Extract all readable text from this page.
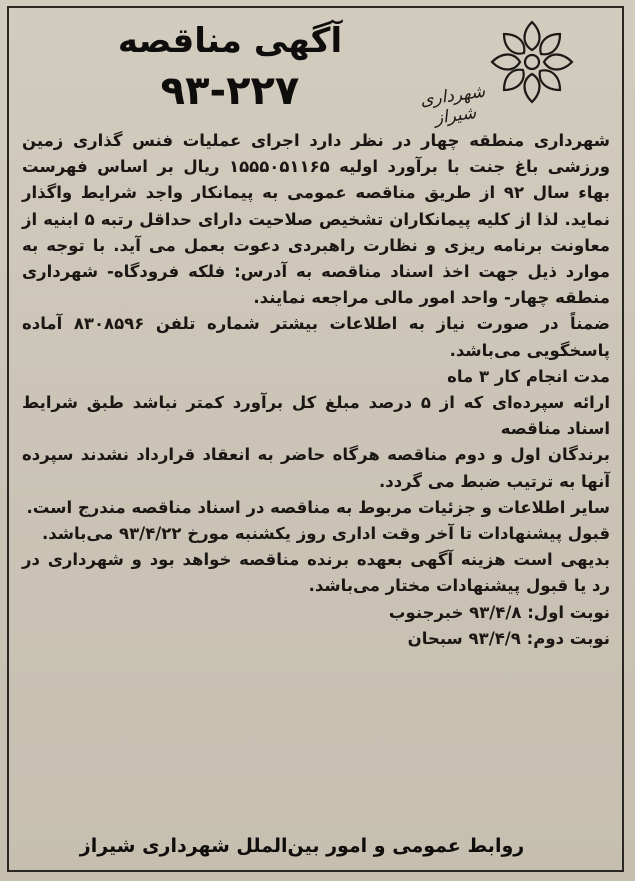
شهرداری شیراز
آگهی مناقصه
۹۳-۲۲۷

شهرداری منطقه چهار در نظر دارد اجرای عملیات فنس گذاری زمین ورزشی باغ جنت با برآورد اولیه ۱۵۵۵۰۵۱۱۶۵ ریال بر اساس فهرست بهاء سال ۹۲ از طریق مناقصه عمومی به پیمانکار واجد شرایط واگذار نماید. لذا از کلیه پیمانکاران تشخیص صلاحیت دارای حداقل رتبه ۵ ابنیه از معاونت برنامه ریزی و نظارت راهبردی دعوت بعمل می آید. با توجه به موارد ذیل جهت اخذ اسناد مناقصه به آدرس: فلکه فرودگاه- شهرداری منطقه چهار- واحد امور مالی مراجعه نمایند.

ضمناً در صورت نیاز به اطلاعات بیشتر شماره تلفن ۸۳۰۸۵۹۶ آماده پاسخگویی می‌باشد.

مدت انجام کار ۳ ماه

ارائه سپرده‌ای که از ۵ درصد مبلغ کل برآورد کمتر نباشد طبق شرایط اسناد مناقصه

برندگان اول و دوم مناقصه هرگاه حاضر به انعقاد قرارداد نشدند سپرده آنها به ترتیب ضبط می گردد.

سایر اطلاعات و جزئیات مربوط به مناقصه در اسناد مناقصه مندرج است.

قبول پیشنهادات تا آخر وقت اداری روز یکشنبه مورخ ۹۳/۴/۲۲ می‌باشد.

بدیهی است هزینه آگهی بعهده برنده مناقصه خواهد بود و شهرداری در رد یا قبول پیشنهادات مختار می‌باشد.

نوبت اول: ۹۳/۴/۸ خبرجنوب

نوبت دوم: ۹۳/۴/۹ سبحان

روابط عمومی و امور بین‌الملل شهرداری شیراز
